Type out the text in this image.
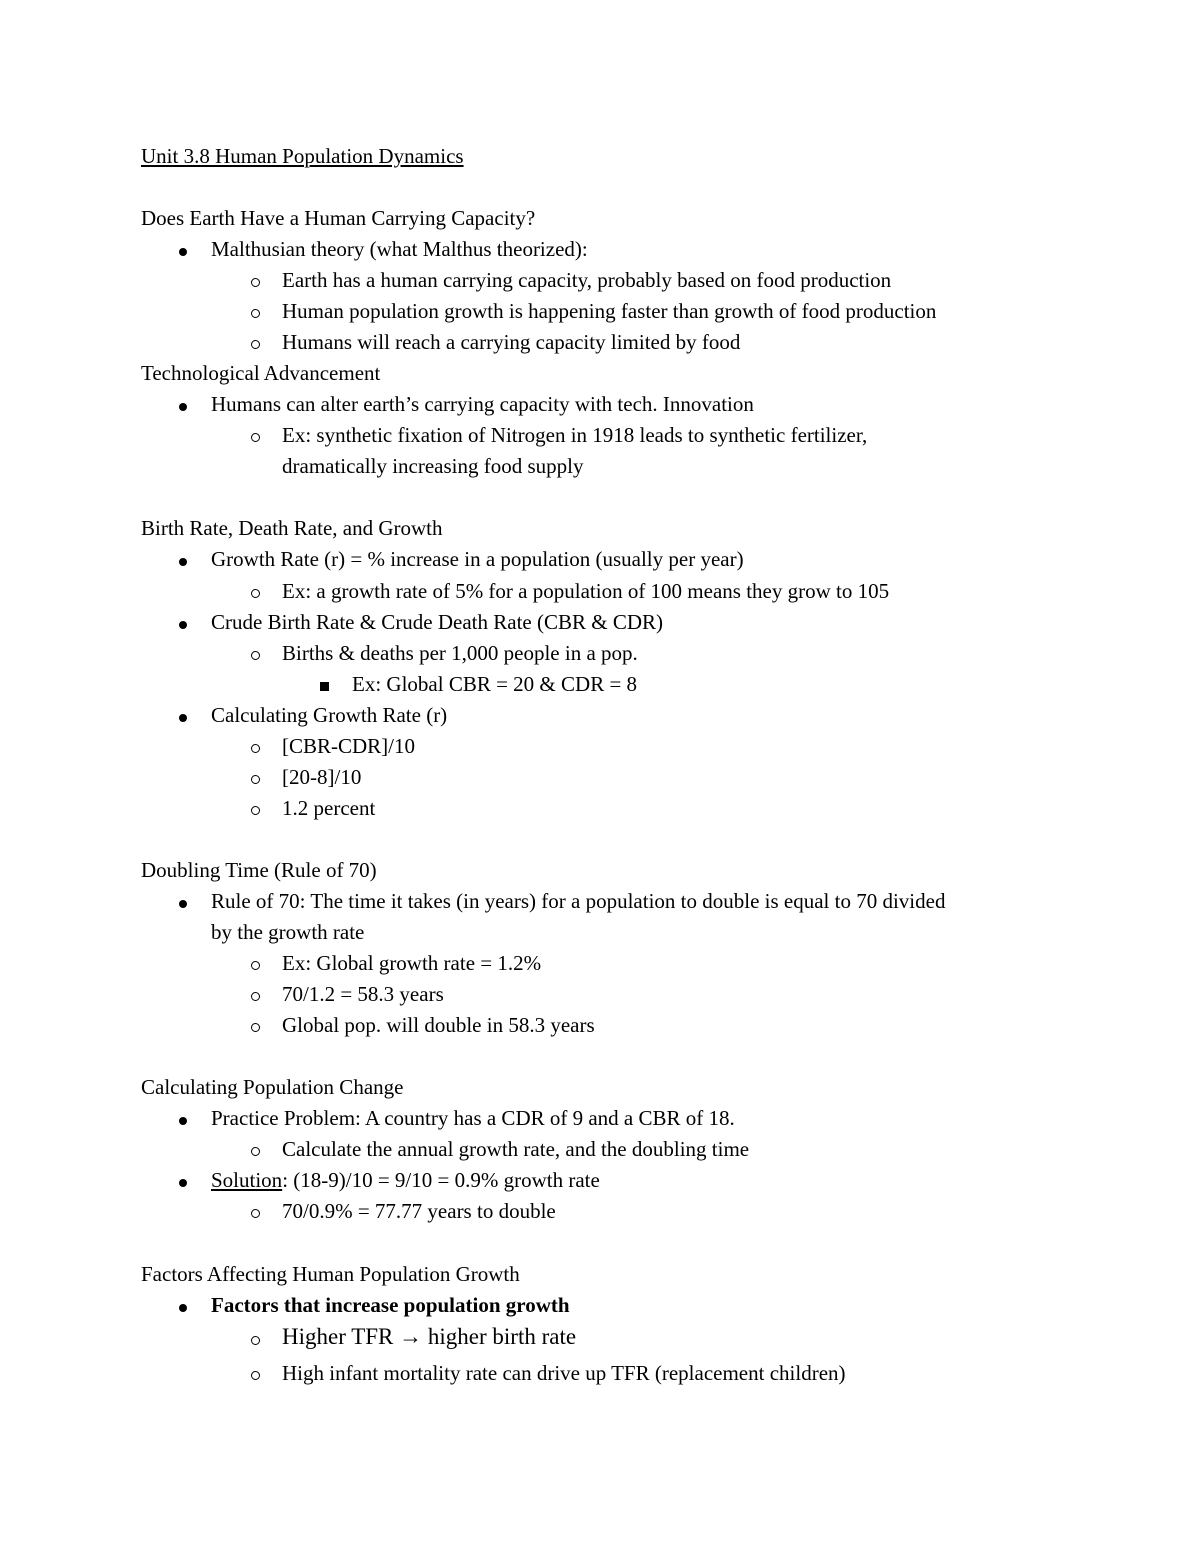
Unit 3.8 Human Population Dynamics
Does Earth Have a Human Carrying Capacity?
Malthusian theory (what Malthus theorized):
Earth has a human carrying capacity, probably based on food production
Human population growth is happening faster than growth of food production
Humans will reach a carrying capacity limited by food
Technological Advancement
Humans can alter earth’s carrying capacity with tech. Innovation
Ex: synthetic fixation of Nitrogen in 1918 leads to synthetic fertilizer,
dramatically increasing food supply
Birth Rate, Death Rate, and Growth
Growth Rate (r) = % increase in a population (usually per year)
Ex: a growth rate of 5% for a population of 100 means they grow to 105
Crude Birth Rate & Crude Death Rate (CBR & CDR)
Births & deaths per 1,000 people in a pop.
Ex: Global CBR = 20 & CDR = 8
Calculating Growth Rate (r)
[CBR-CDR]/10
[20-8]/10
1.2 percent
Doubling Time (Rule of 70)
Rule of 70: The time it takes (in years) for a population to double is equal to 70 divided
by the growth rate
Ex: Global growth rate = 1.2%
70/1.2 = 58.3 years
Global pop. will double in 58.3 years
Calculating Population Change
Practice Problem: A country has a CDR of 9 and a CBR of 18.
Calculate the annual growth rate, and the doubling time
Solution: (18-9)/10 = 9/10 = 0.9% growth rate
70/0.9% = 77.77 years to double
Factors Affecting Human Population Growth
Factors that increase population growth
Higher TFR → higher birth rate
High infant mortality rate can drive up TFR (replacement children)
